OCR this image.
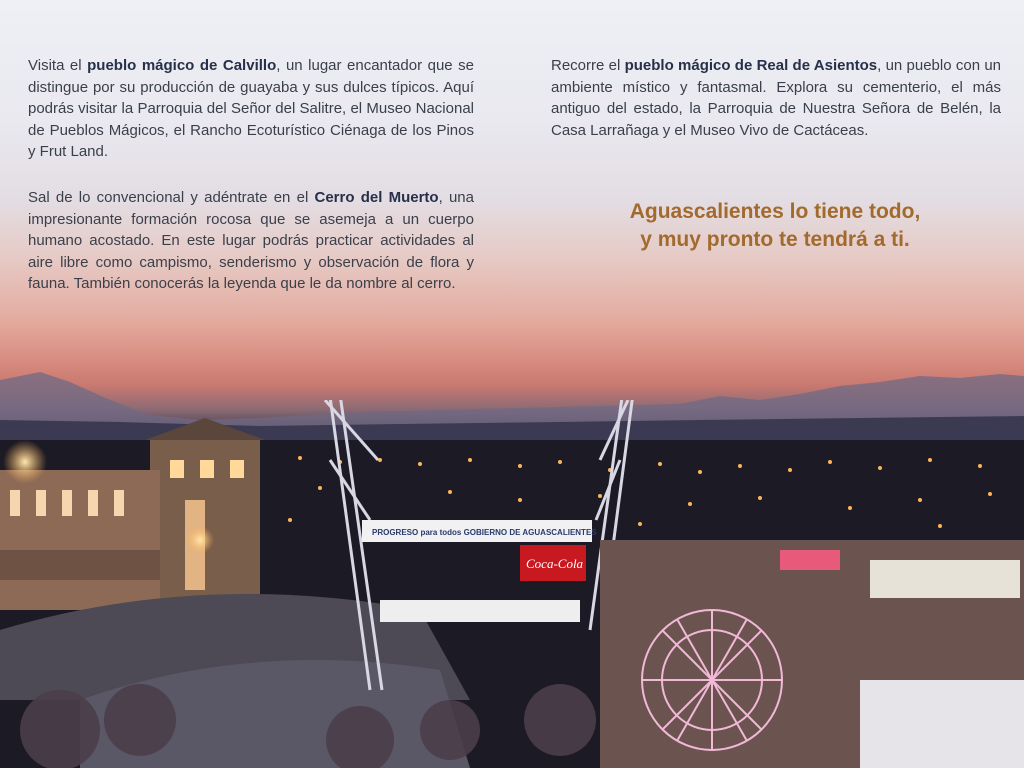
PROGRESO para todos GOBIERNO DE AGUASCALIENTES
Coca-Cola

Visita el pueblo mágico de Calvillo, un lugar encantador que se distingue por su producción de guayaba y sus dulces típicos. Aquí podrás visitar la Parroquia del Señor del Salitre, el Museo Nacional de Pueblos Mágicos, el Rancho Ecoturístico Ciénaga de los Pinos y Frut Land.

Sal de lo convencional y adéntrate en el Cerro del Muerto, una impresionante formación rocosa que se asemeja a un cuerpo humano acostado. En este lugar podrás practicar actividades al aire libre como campismo, senderismo y observación de flora y fauna. También conocerás la leyenda que le da nombre al cerro.

Recorre el pueblo mágico de Real de Asientos, un pueblo con un ambiente místico y fantasmal. Explora su cementerio, el más antiguo del estado, la Parroquia de Nuestra Señora de Belén, la Casa Larrañaga y el Museo Vivo de Cactáceas.

Aguascalientes lo tiene todo,
y muy pronto te tendrá a ti.
